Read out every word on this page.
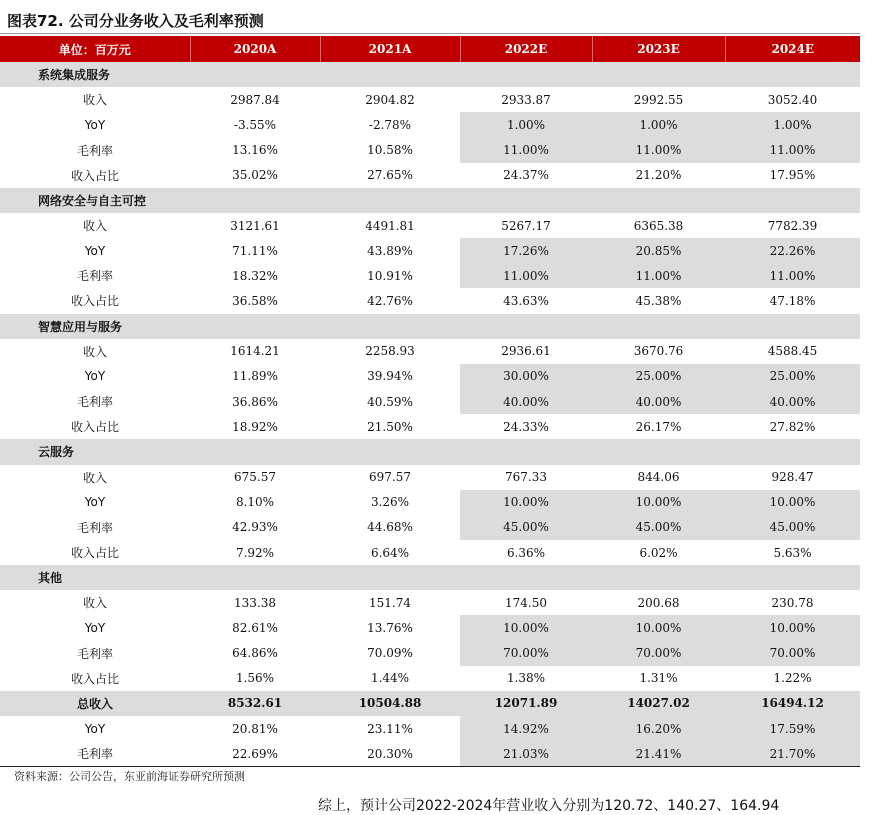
图表72. 公司分业务收入及毛利率预测
单位：百万元	2020A	2021A	2022E	2023E	2024E
系统集成服务					
收入	2987.84	2904.82	2933.87	2992.55	3052.40
YoY	-3.55%	-2.78%	1.00%	1.00%	1.00%
毛利率	13.16%	10.58%	11.00%	11.00%	11.00%
收入占比	35.02%	27.65%	24.37%	21.20%	17.95%
网络安全与自主可控					
收入	3121.61	4491.81	5267.17	6365.38	7782.39
YoY	71.11%	43.89%	17.26%	20.85%	22.26%
毛利率	18.32%	10.91%	11.00%	11.00%	11.00%
收入占比	36.58%	42.76%	43.63%	45.38%	47.18%
智慧应用与服务					
收入	1614.21	2258.93	2936.61	3670.76	4588.45
YoY	11.89%	39.94%	30.00%	25.00%	25.00%
毛利率	36.86%	40.59%	40.00%	40.00%	40.00%
收入占比	18.92%	21.50%	24.33%	26.17%	27.82%
云服务					
收入	675.57	697.57	767.33	844.06	928.47
YoY	8.10%	3.26%	10.00%	10.00%	10.00%
毛利率	42.93%	44.68%	45.00%	45.00%	45.00%
收入占比	7.92%	6.64%	6.36%	6.02%	5.63%
其他					
收入	133.38	151.74	174.50	200.68	230.78
YoY	82.61%	13.76%	10.00%	10.00%	10.00%
毛利率	64.86%	70.09%	70.00%	70.00%	70.00%
收入占比	1.56%	1.44%	1.38%	1.31%	1.22%
总收入	8532.61	10504.88	12071.89	14027.02	16494.12
YoY	20.81%	23.11%	14.92%	16.20%	17.59%
毛利率	22.69%	20.30%	21.03%	21.41%	21.70%
资料来源：公司公告，东亚前海证券研究所预测
综上，预计公司2022-2024年营业收入分别为120.72、140.27、164.94
